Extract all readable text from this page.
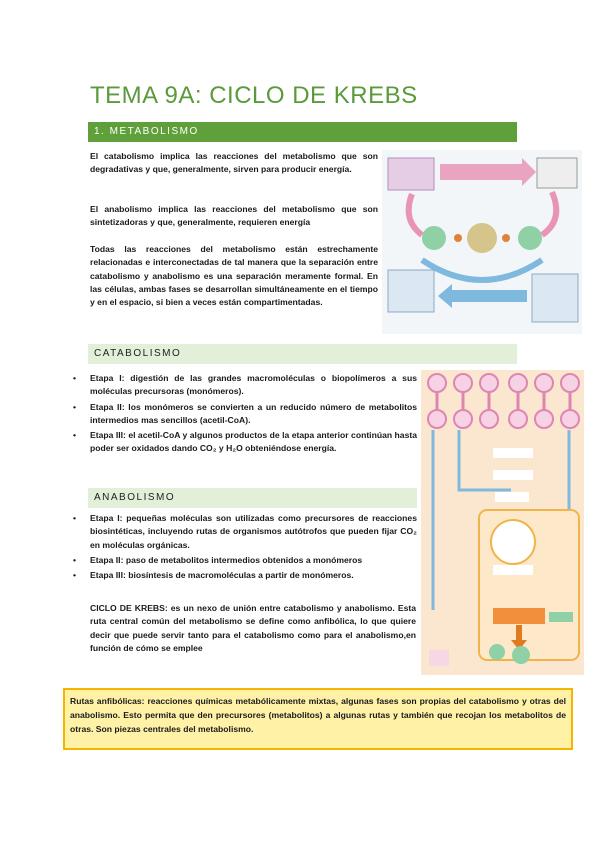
TEMA 9A: CICLO DE KREBS
1. METABOLISMO
El catabolismo implica las reacciones del metabolismo que son degradativas y que, generalmente, sirven para producir energía.
El anabolismo implica las reacciones del metabolismo que son sintetizadoras y que, generalmente, requieren energía
Todas las reacciones del metabolismo están estrechamente relacionadas e interconectadas de tal manera que la separación entre catabolismo y anabolismo es una separación meramente formal. En las células, ambas fases se desarrollan simultáneamente en el tiempo y en el espacio, si bien a veces están compartimentadas.
CATABOLISMO
• Etapa I: digestión de las grandes macromoléculas o biopolímeros a sus moléculas precursoras (monómeros).
• Etapa II: los monómeros se convierten a un reducido número de metabolitos intermedios mas sencillos (acetil-CoA).
• Etapa III: el acetil-CoA y algunos productos de la etapa anterior continúan hasta poder ser oxidados dando CO₂ y H₂O obteniéndose energía.
ANABOLISMO
• Etapa I: pequeñas moléculas son utilizadas como precursores de reacciones biosintéticas, incluyendo rutas de organismos autótrofos que pueden fijar CO₂ en moléculas orgánicas.
• Etapa II: paso de metabolitos intermedios obtenidos a monómeros
• Etapa III: biosíntesis de macromoléculas a partir de monómeros.
CICLO DE KREBS: es un nexo de unión entre catabolismo y anabolismo. Esta ruta central común del metabolismo se define como anfibólica, lo que quiere decir que puede servir tanto para el catabolismo como para el anabolismo,en función de cómo se emplee
Rutas anfibólicas: reacciones químicas metabólicamente mixtas, algunas fases son propias del catabolismo y otras del anabolismo. Esto permita que den precursores (metabolitos) a algunas rutas y también que recojan los metabolitos de otras. Son piezas centrales del metabolismo.
